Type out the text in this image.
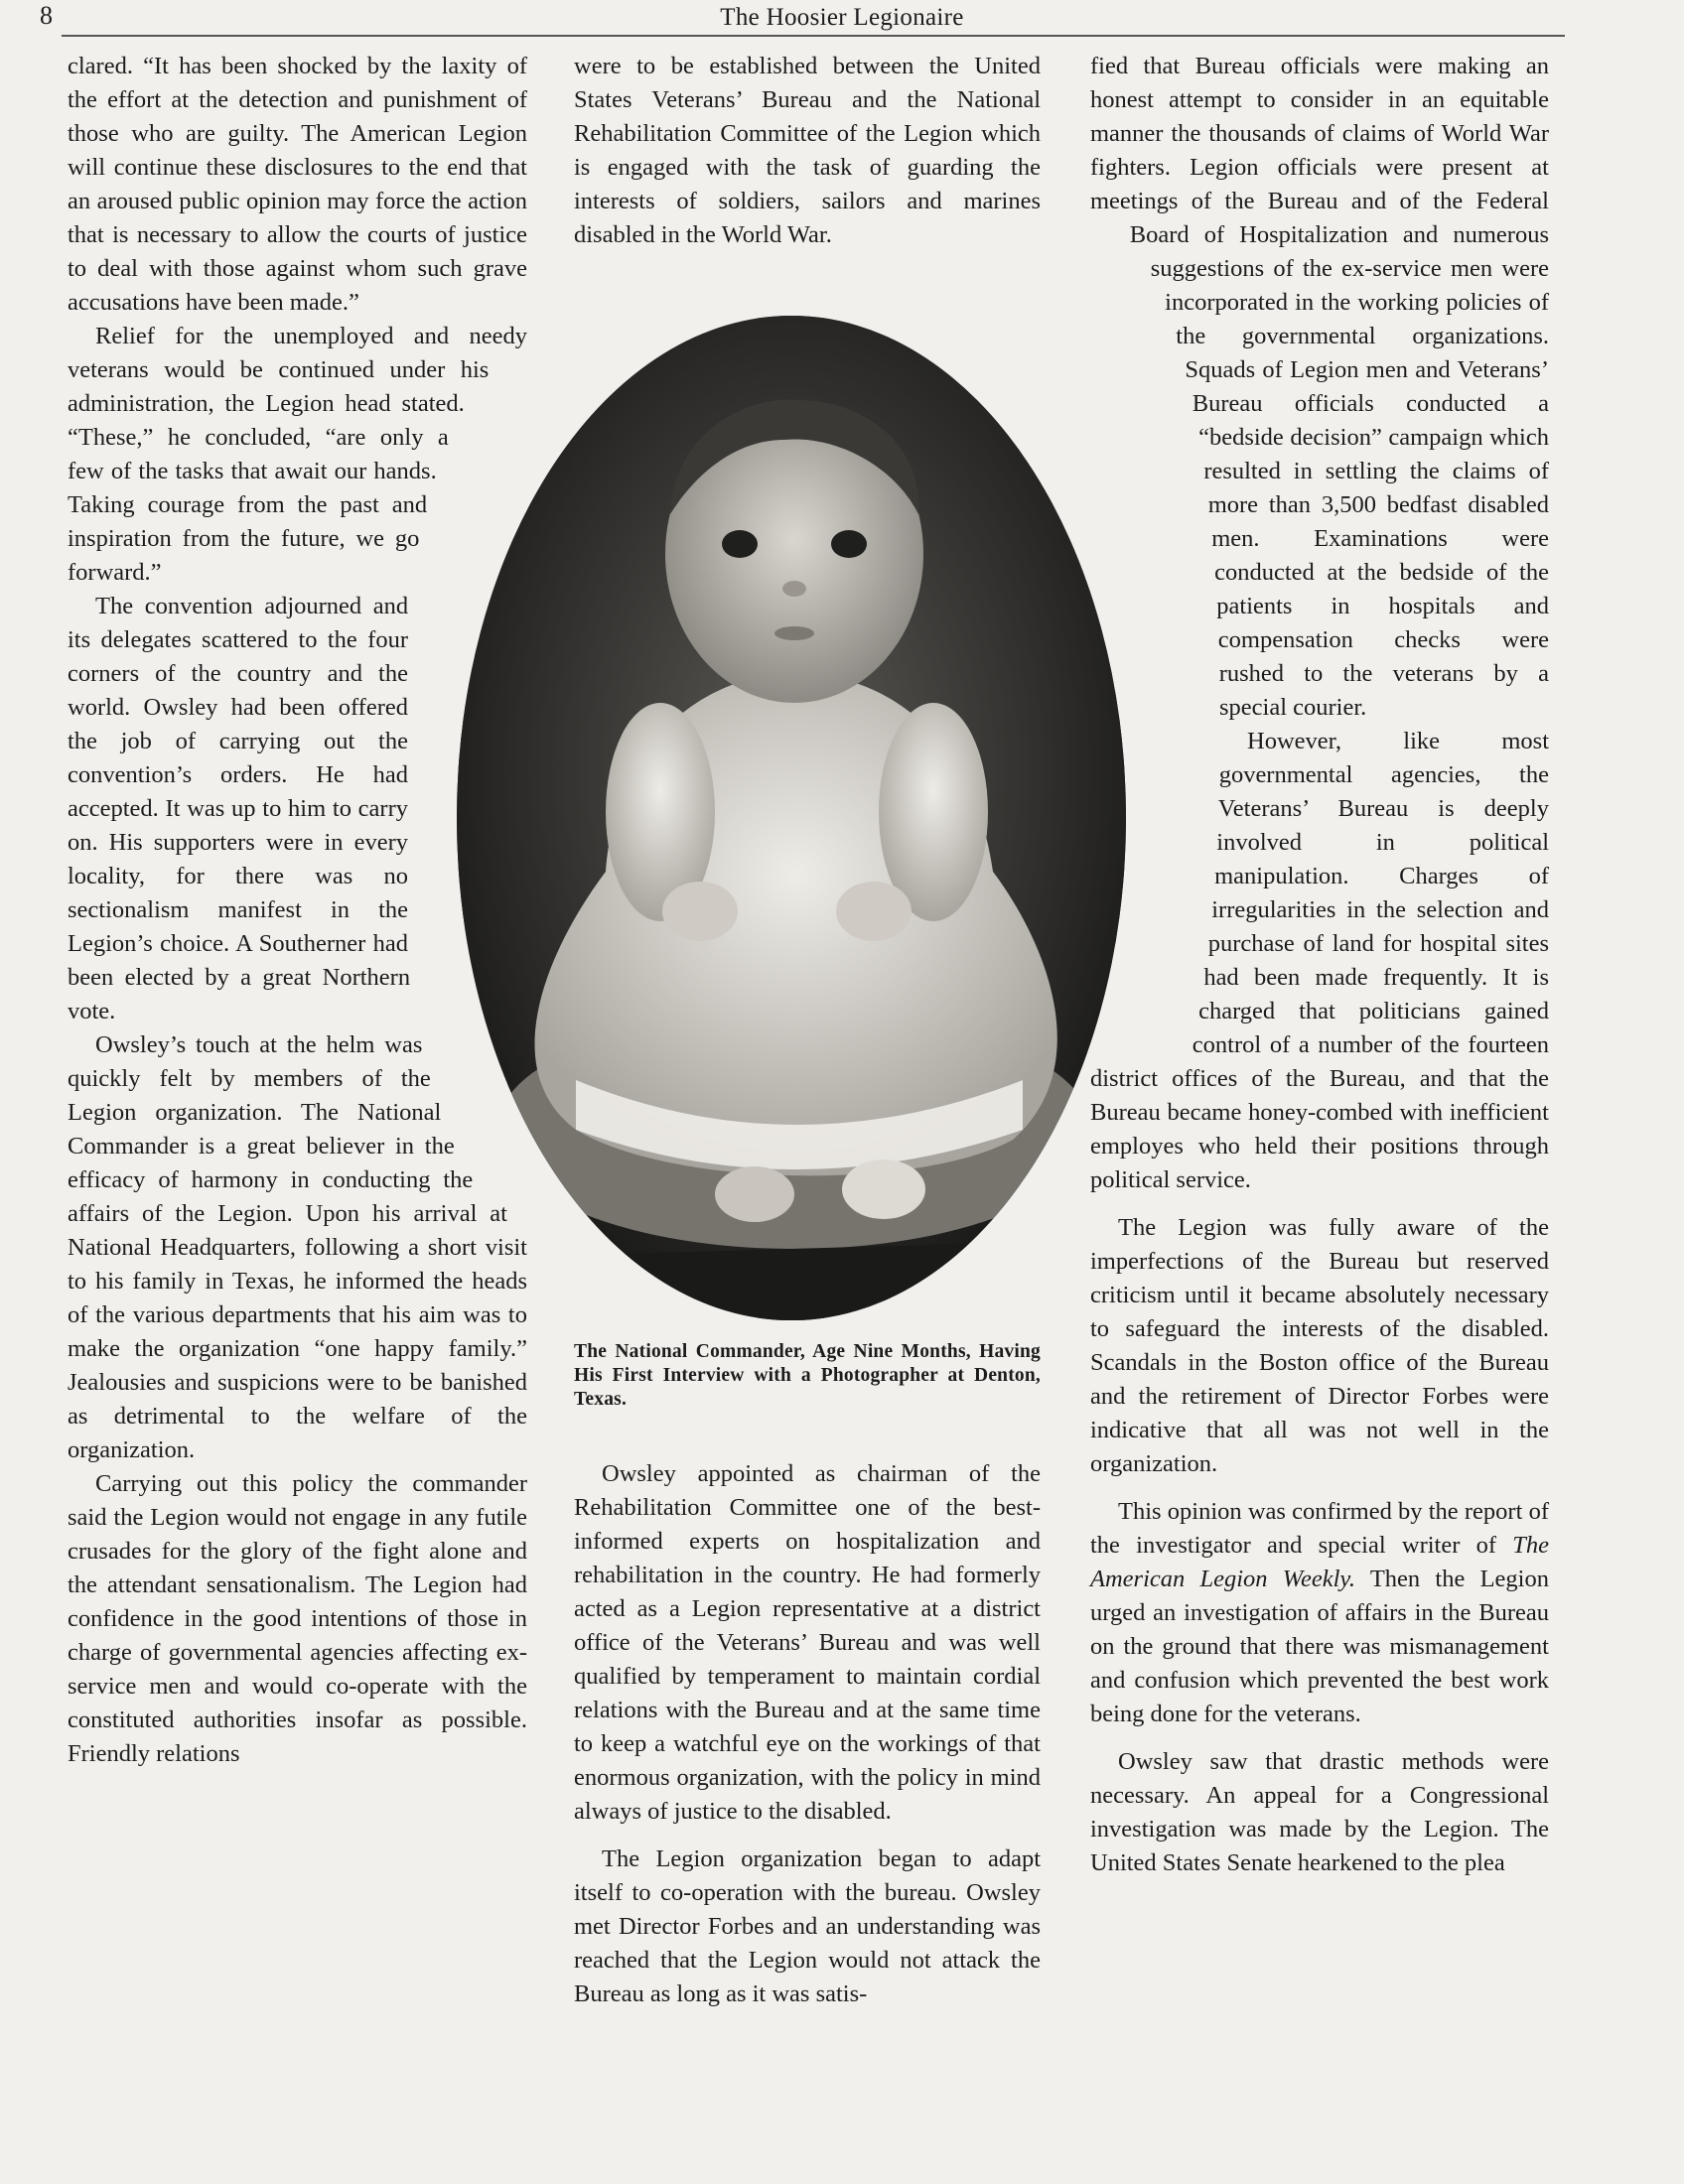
8	The Hoosier Legionaire

clared. “It has been shocked by the laxity of the effort at the detection and punishment of those who are guilty. The American Legion will continue these disclosures to the end that an aroused public opinion may force the action that is necessary to allow the courts of justice to deal with those against whom such grave accusations have been made.”

Relief for the unemployed and needy veterans would be continued under his administration, the Legion head stated. “These,” he concluded, “are only a few of the tasks that await our hands. Taking courage from the past and inspiration from the future, we go forward.”

The convention adjourned and its delegates scattered to the four corners of the country and the world. Owsley had been offered the job of carrying out the convention’s orders. He had accepted. It was up to him to carry on. His supporters were in every locality, for there was no sectionalism manifest in the Legion’s choice. A Southerner had been elected by a great Northern vote.

Owsley’s touch at the helm was quickly felt by members of the Legion organization. The National Commander is a great believer in the efficacy of harmony in conducting the affairs of the Legion. Upon his arrival at National Headquarters, following a short visit to his family in Texas, he informed the heads of the various departments that his aim was to make the organization “one happy family.” Jealousies and suspicions were to be banished as detrimental to the welfare of the organization.

Carrying out this policy the commander said the Legion would not engage in any futile crusades for the glory of the fight alone and the attendant sensationalism. The Legion had confidence in the good intentions of those in charge of governmental agencies affecting ex-service men and would co-operate with the constituted authorities insofar as possible. Friendly relations

were to be established between the United States Veterans’ Bureau and the National Rehabilitation Committee of the Legion which is engaged with the task of guarding the interests of soldiers, sailors and marines disabled in the World War.

The National Commander, Age Nine Months, Having His First Interview with a Photographer at Denton, Texas.

Owsley appointed as chairman of the Rehabilitation Committee one of the best-informed experts on hospitalization and rehabilitation in the country. He had formerly acted as a Legion representative at a district office of the Veterans’ Bureau and was well qualified by temperament to maintain cordial relations with the Bureau and at the same time to keep a watchful eye on the workings of that enormous organization, with the policy in mind always of justice to the disabled.

The Legion organization began to adapt itself to co-operation with the bureau. Owsley met Director Forbes and an understanding was reached that the Legion would not attack the Bureau as long as it was satis-

fied that Bureau officials were making an honest attempt to consider in an equitable manner the thousands of claims of World War fighters. Legion officials were present at meetings of the Bureau and of the Federal Board of Hospitalization and numerous suggestions of the ex-service men were incorporated in the working policies of the governmental organizations. Squads of Legion men and Veterans’ Bureau officials conducted a “bedside decision” campaign which resulted in settling the claims of more than 3,500 bedfast disabled men. Examinations were conducted at the bedside of the patients in hospitals and compensation checks were rushed to the veterans by a special courier.

However, like most governmental agencies, the Veterans’ Bureau is deeply involved in political manipulation. Charges of irregularities in the selection and purchase of land for hospital sites had been made frequently. It is charged that politicians gained control of a number of the fourteen district offices of the Bureau, and that the Bureau became honey-combed with inefficient employes who held their positions through political service.

The Legion was fully aware of the imperfections of the Bureau but reserved criticism until it became absolutely necessary to safeguard the interests of the disabled. Scandals in the Boston office of the Bureau and the retirement of Director Forbes were indicative that all was not well in the organization.

This opinion was confirmed by the report of the investigator and special writer of The American Legion Weekly. Then the Legion urged an investigation of affairs in the Bureau on the ground that there was mismanagement and confusion which prevented the best work being done for the veterans.

Owsley saw that drastic methods were necessary. An appeal for a Congressional investigation was made by the Legion. The United States Senate hearkened to the plea
